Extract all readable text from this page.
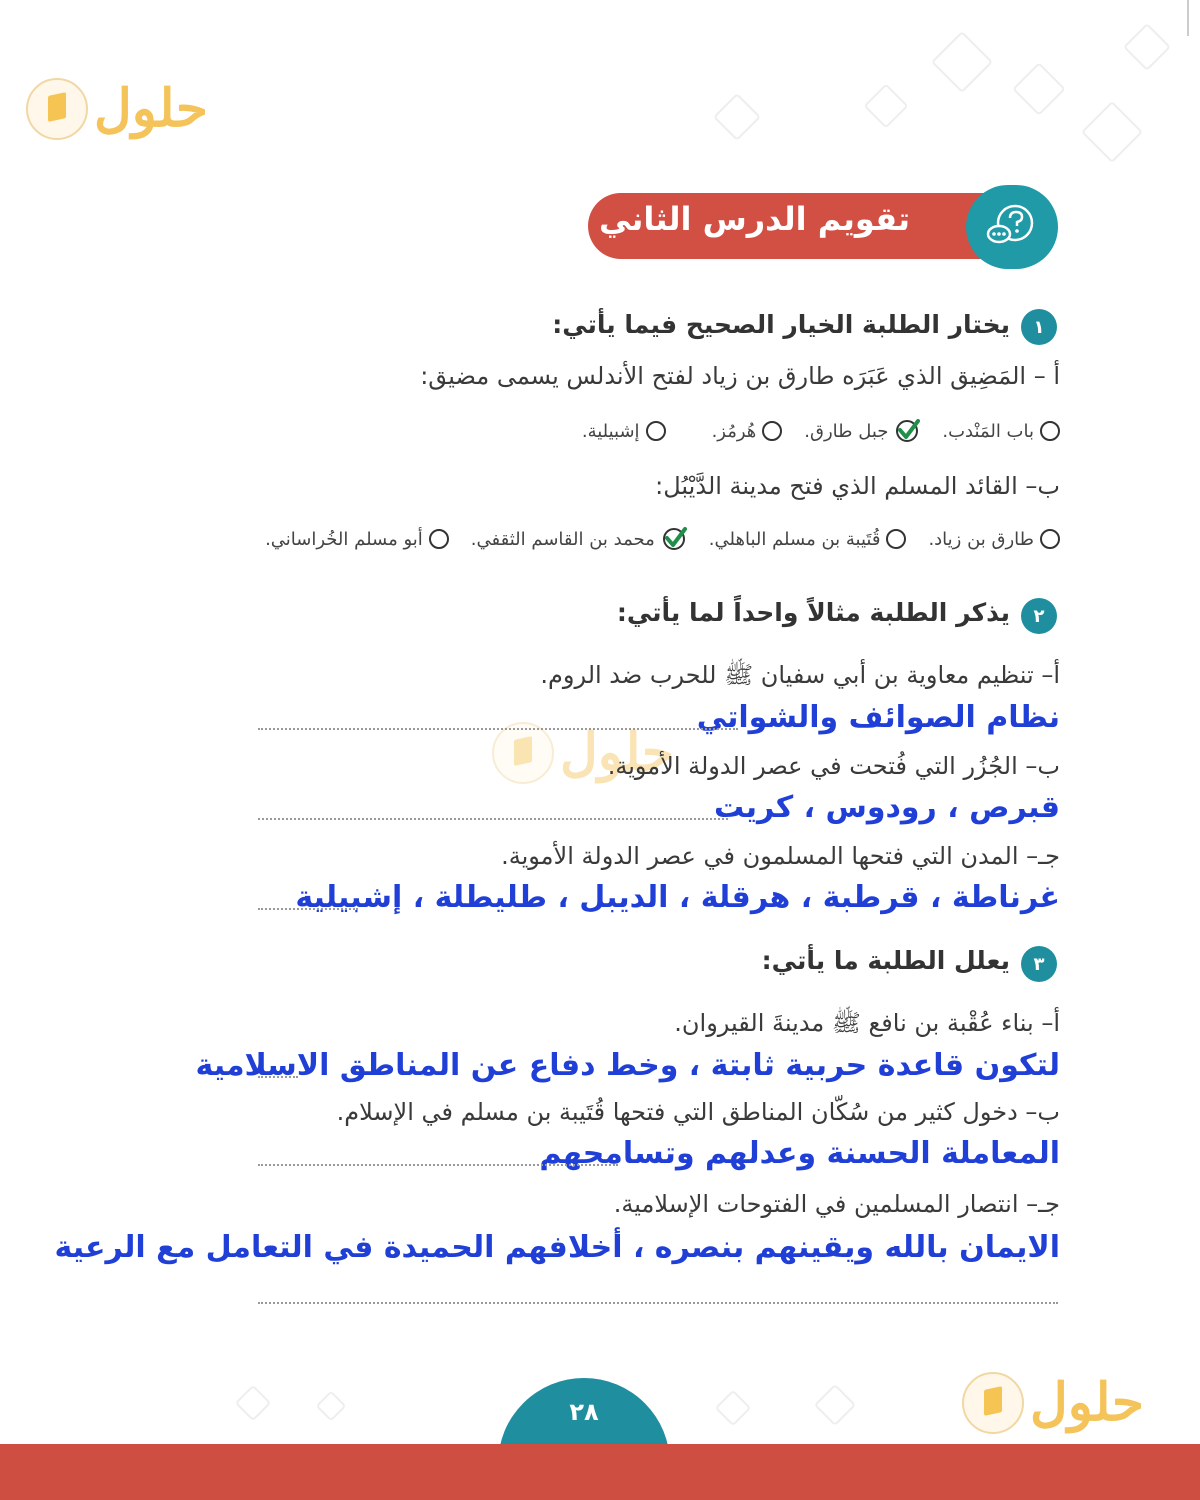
حلول
حلول
حلول
تقويم الدرس الثاني
١
يختار الطلبة الخيار الصحيح فيما يأتي:
أ – المَضِيق الذي عَبَرَه طارق بن زياد لفتح الأندلس يسمى مضيق:
باب المَنْدب.
جبل طارق.
هُرمُز.
إشبيلية.
ب– القائد المسلم الذي فتح مدينة الدَّيْبُل:
طارق بن زياد.
قُتَيبة بن مسلم الباهلي.
محمد بن القاسم الثقفي.
أبو مسلم الخُراساني.
٢
يذكر الطلبة مثالاً واحداً لما يأتي:
أ– تنظيم معاوية بن أبي سفيان ﷺ للحرب ضد الروم.
نظام الصوائف والشواتي
ب– الجُزُر التي فُتحت في عصر الدولة الأموية.
قبرص ، رودوس ، كريت
جـ– المدن التي فتحها المسلمون في عصر الدولة الأموية.
غرناطة ، قرطبة ، هرقلة ، الديبل ، طليطلة ، إشبيلية
٣
يعلل الطلبة ما يأتي:
أ– بناء عُقْبة بن نافع ﷺ مدينةَ القيروان.
لتكون قاعدة حربية ثابتة ، وخط دفاع عن المناطق الاسلامية
ب– دخول كثير من سُكّان المناطق التي فتحها قُتَيبة بن مسلم في الإسلام.
المعاملة الحسنة وعدلهم وتسامحهم
جـ– انتصار المسلمين في الفتوحات الإسلامية.
الايمان بالله ويقينهم بنصره ، أخلافهم الحميدة في التعامل مع الرعية
٢٨
